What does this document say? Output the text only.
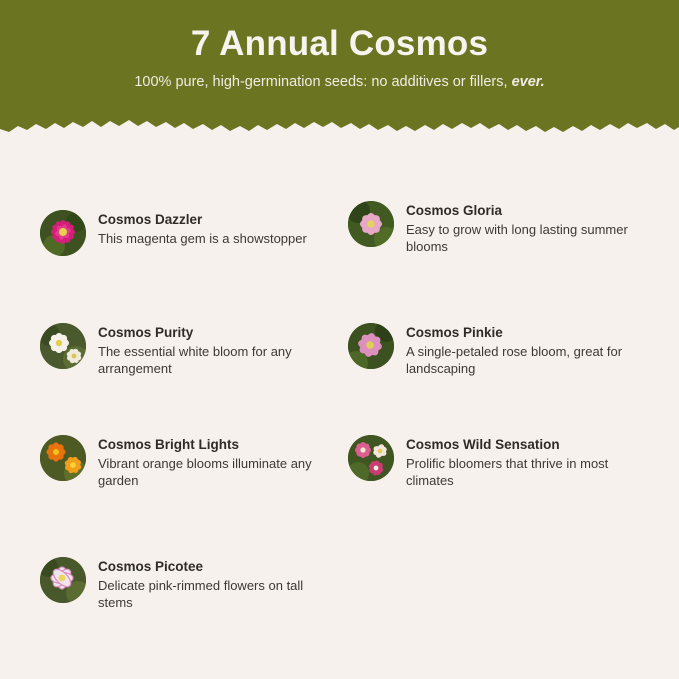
7 Annual Cosmos
100% pure, high-germination seeds: no additives or fillers, ever.

Cosmos Dazzler

This magenta gem is a showstopper

Cosmos Gloria

Easy to grow with long lasting summer blooms

Cosmos Purity

The essential white bloom for any arrangement

Cosmos Pinkie

A single-petaled rose bloom, great for landscaping

Cosmos Bright Lights

Vibrant orange blooms illuminate any garden

Cosmos Wild Sensation

Prolific bloomers that thrive in most climates

Cosmos Picotee

Delicate pink-rimmed flowers on tall stems
